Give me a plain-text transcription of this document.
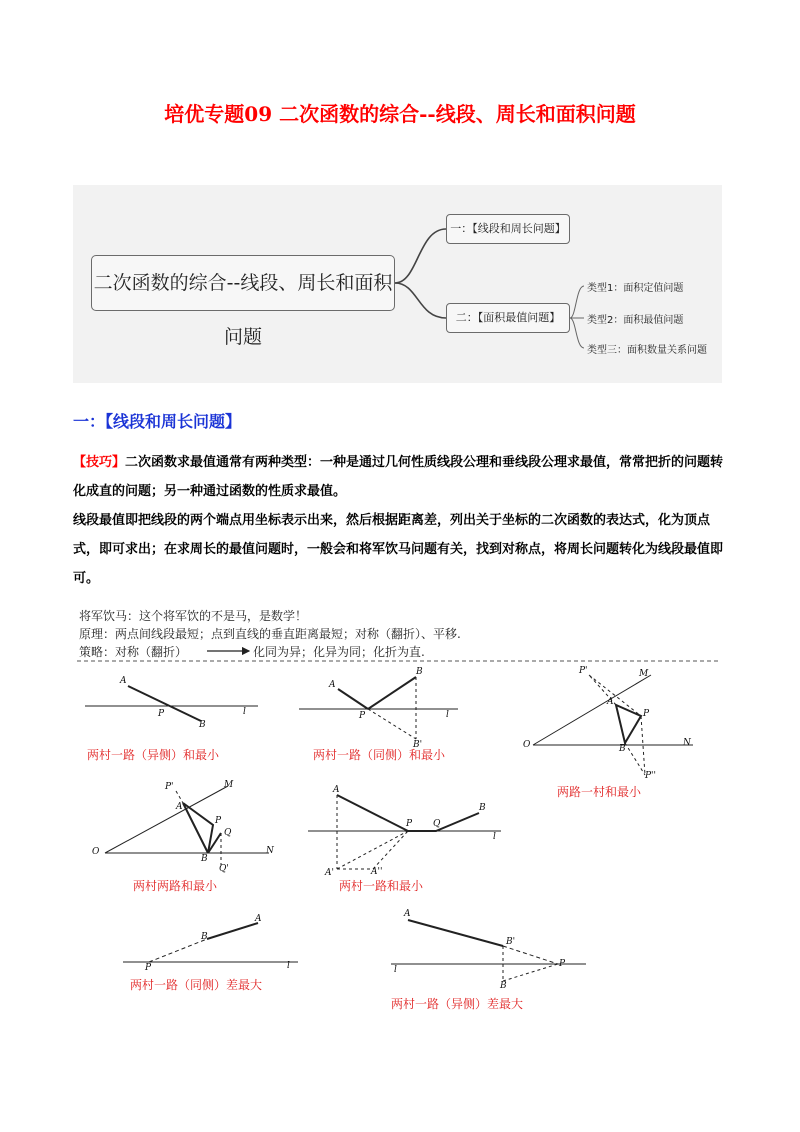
培优专题09 二次函数的综合--线段、周长和面积问题
二次函数的综合--线段、周长和面积问题
一：【线段和周长问题】
二：【面积最值问题】
类型1：面积定值问题
类型2：面积最值问题
类型三：面积数量关系问题
一：【线段和周长问题】
【技巧】二次函数求最值通常有两种类型：一种是通过几何性质线段公理和垂线段公理求最值，常常把折的问题转化成直的问题；另一种通过函数的性质求最值。
线段最值即把线段的两个端点用坐标表示出来，然后根据距离差，列出关于坐标的二次函数的表达式，化为顶点式，即可求出；在求周长的最值问题时，一般会和将军饮马问题有关，找到对称点，将周长问题转化为线段最值即可。
将军饮马：这个将军饮的不是马，是数学！
原理：两点间线段最短；点到直线的垂直距离最短；对称（翻折）、平移.
策略：对称（翻折）	化同为异；化异为同；化折为直.
A
P
B
l
A
B
P	l
B'
P'	M
A
P
O	B
N
P''
P'	M
A
P
Q
O
B
N
Q'
A
B
P Q
l
A'	A''
A
B
P	l
A
B'
l
P
B
两村一路（异侧）和最小	两村一路（同侧）和最小
两路一村和最小
两村两路和最小	两村一路和最小
两村一路（同侧）差最大
两村一路（异侧）差最大
